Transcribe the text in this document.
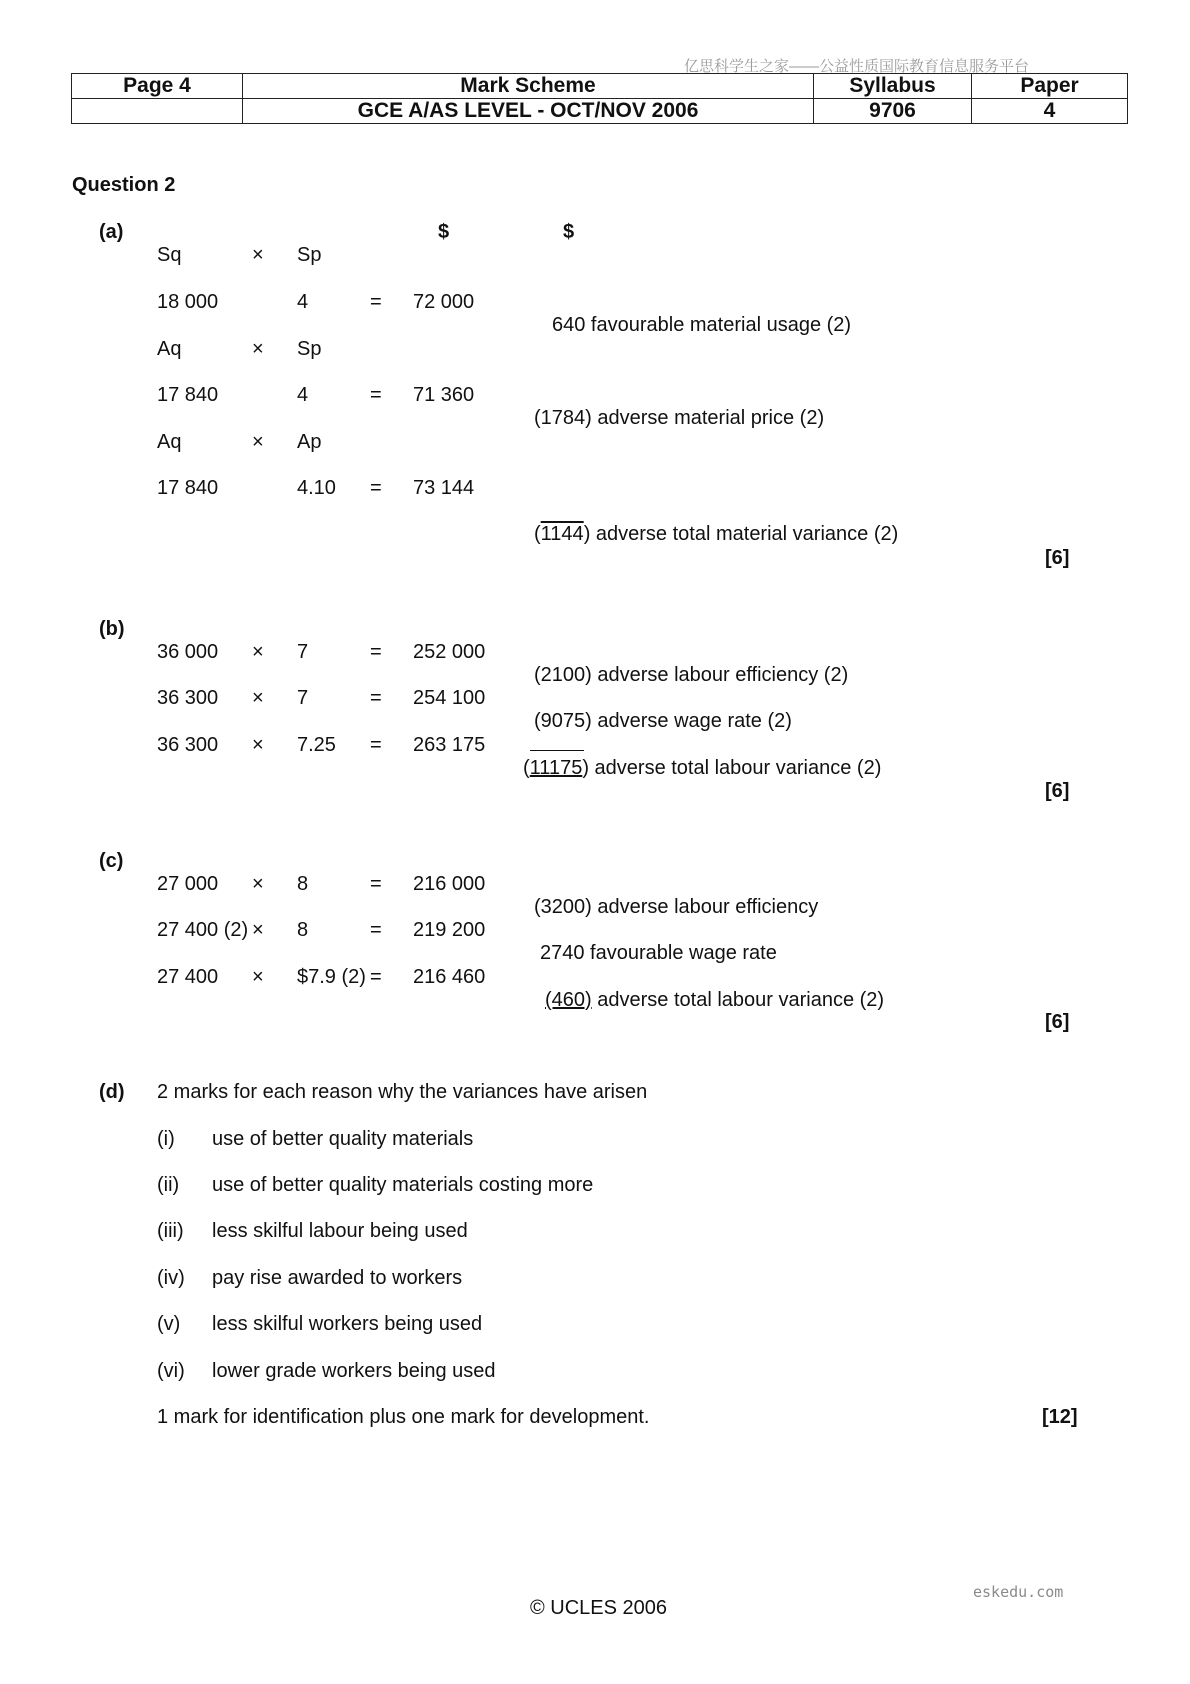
亿思科学生之家——公益性质国际教育信息服务平台
eskedu.com
Page 4	Mark Scheme	Syllabus	Paper
	GCE A/AS LEVEL - OCT/NOV 2006	9706	4
Question 2
(a)	$	$
Sq	× Sp
18 000	4	= 72 000
Aq	× Sp
17 840	4	= 71 360
Aq	× Ap
17 840	4.10 = 73 144
640 favourable material usage (2)
(1784) adverse material price (2)
(1144) adverse total material variance (2)
[6]
(b)
36 000 × 7	= 252 000
36 300 × 7	= 254 100
36 300 × 7.25 = 263 175
(2100) adverse labour efficiency (2)
(9075) adverse wage rate (2)
(11175) adverse total labour variance (2)
[6]
(c)
27 000 × 8	= 216 000
27 400 (2) × 8	= 219 200
27 400 × $7.9 (2) = 216 460
(3200) adverse labour efficiency
2740 favourable wage rate
(460) adverse total labour variance (2)
[6]
(d) 2 marks for each reason why the variances have arisen
(i) use of better quality materials
(ii) use of better quality materials costing more
(iii) less skilful labour being used
(iv) pay rise awarded to workers
(v) less skilful workers being used
(vi) lower grade workers being used
1 mark for identification plus one mark for development.	[12]
© UCLES 2006
